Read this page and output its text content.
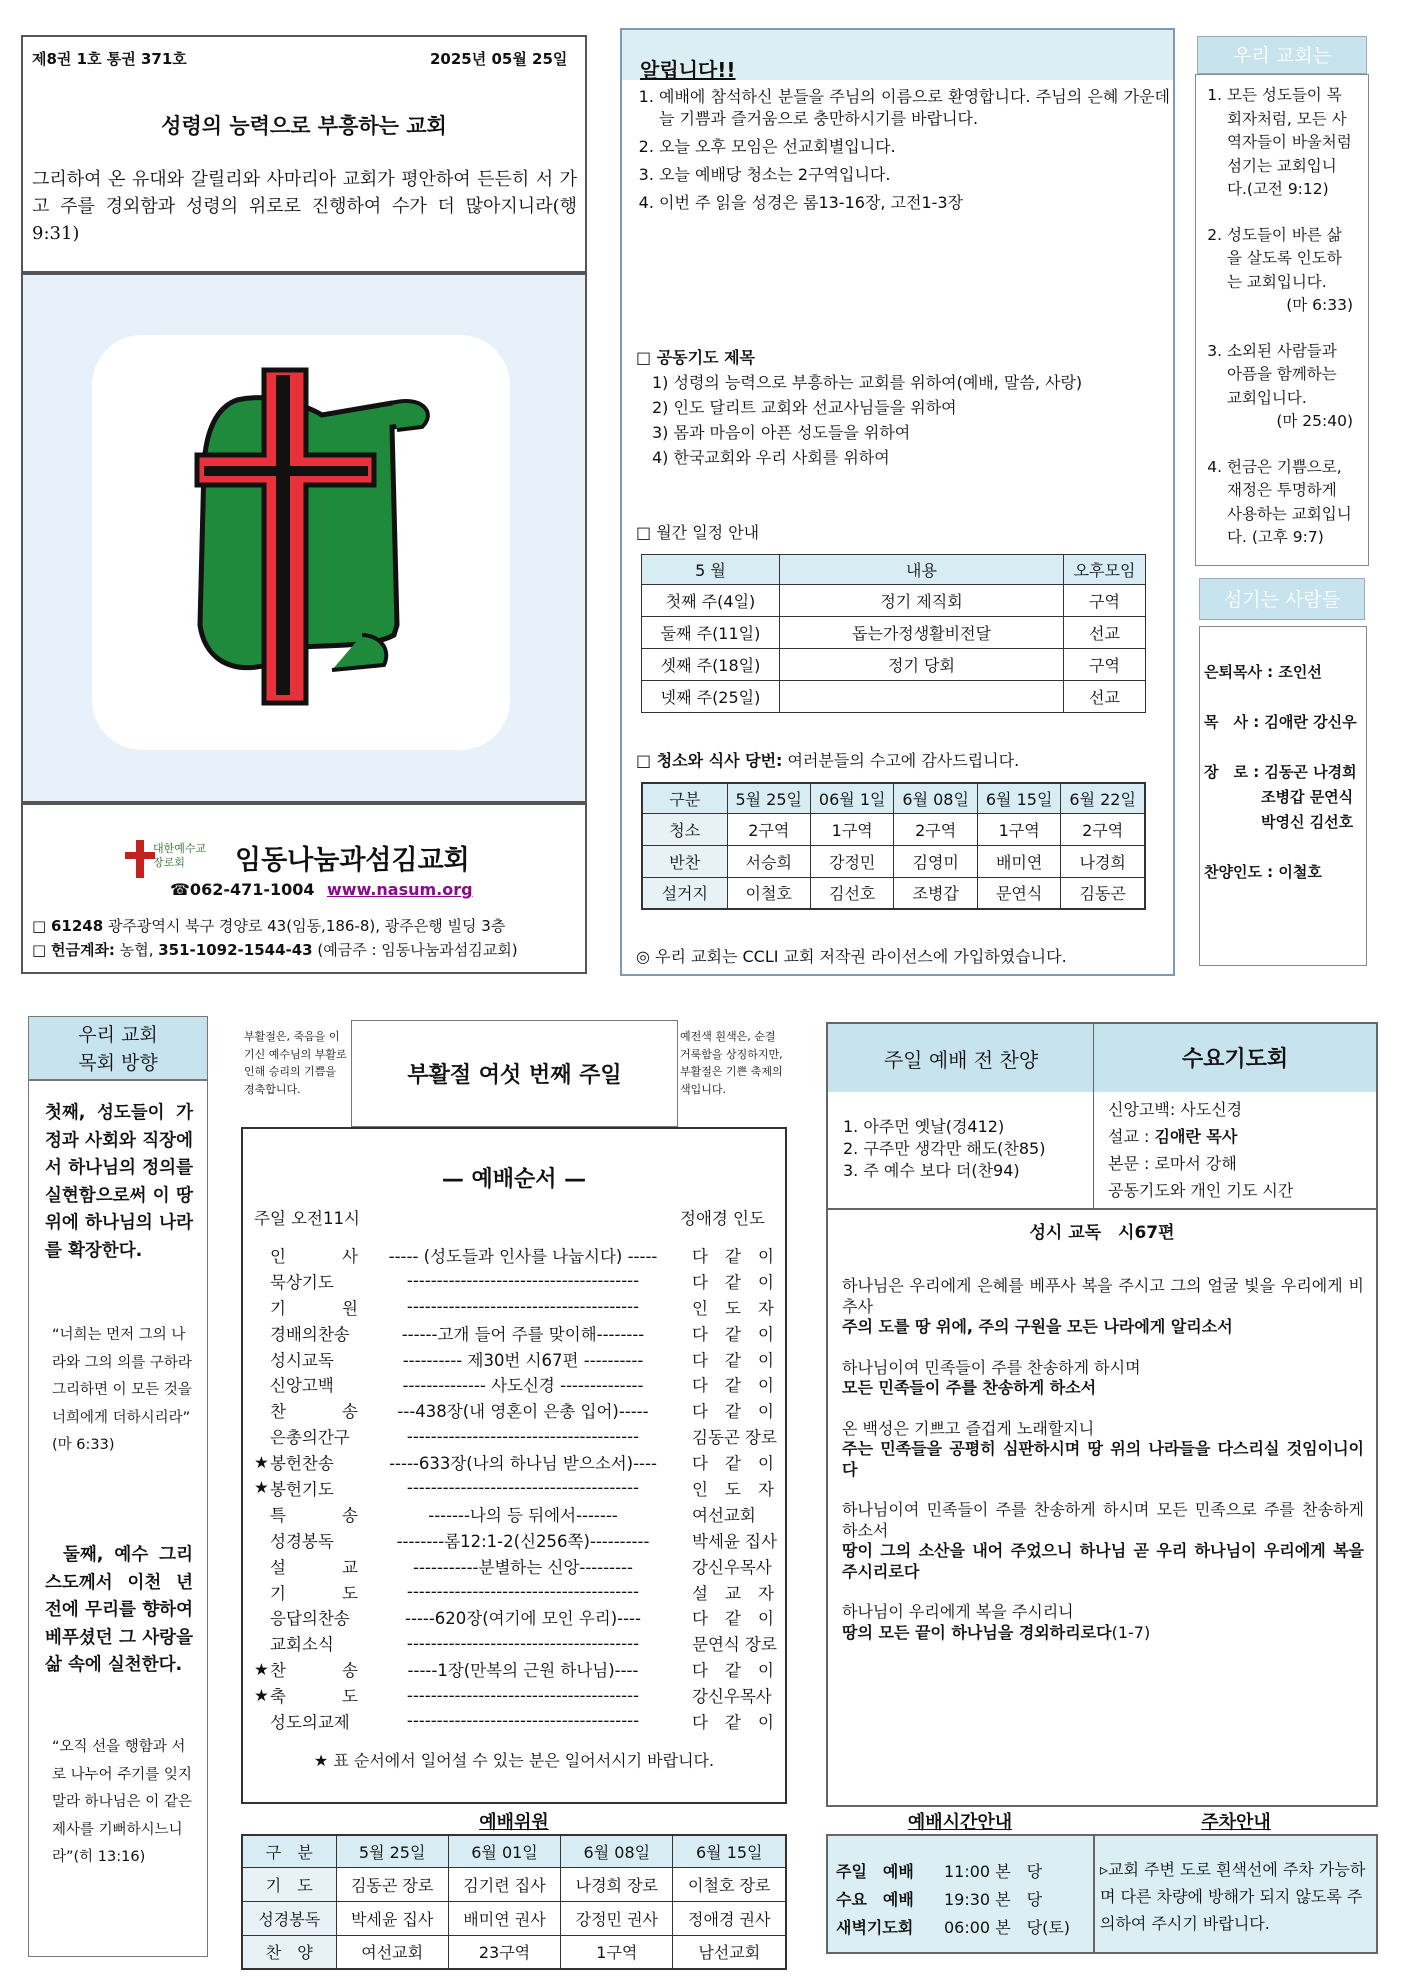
제8권 1호 통권 371호	2025년 05월 25일
성령의 능력으로 부흥하는 교회
그리하여 온 유대와 갈릴리와 사마리아 교회가 평안하여 든든히 서 가고 주를 경외함과 성령의 위로로 진행하여 수가 더 많아지니라(행9:31)
대한예수교 장로회	임동나눔과섬김교회
☎062-471-1004 www.nasum.org
□ 61248 광주광역시 북구 경양로 43(임동,186-8), 광주은행 빌딩 3층
□ 헌금계좌: 농협, 351-1092-1544-43 (예금주 : 임동나눔과섬김교회)
알립니다!!
1. 예배에 참석하신 분들을 주님의 이름으로 환영합니다. 주님의 은혜 가운데 늘 기쁨과 즐거움으로 충만하시기를 바랍니다.
2. 오늘 오후 모임은 선교회별입니다.
3. 오늘 예배당 청소는 2구역입니다.
4. 이번 주 읽을 성경은 롬13-16장, 고전1-3장
□ 공동기도 제목
1) 성령의 능력으로 부흥하는 교회를 위하여(예배, 말씀, 사랑)
2) 인도 달리트 교회와 선교사님들을 위하여
3) 몸과 마음이 아픈 성도들을 위하여
4) 한국교회와 우리 사회를 위하여
□ 월간 일정 안내
5 월	내용	오후모임
첫째 주(4일)	정기 제직회	구역
둘째 주(11일)	돕는가정생활비전달	선교
셋째 주(18일)	정기 당회	구역
넷째 주(25일)		선교
□ 청소와 식사 당번: 여러분들의 수고에 감사드립니다.
구분	5월 25일	06월 1일	6월 08일	6월 15일	6월 22일
청소	2구역	1구역	2구역	1구역	2구역
반찬	서승희	강정민	김영미	배미연	나경희
설거지	이철호	김선호	조병갑	문연식	김동곤
◎ 우리 교회는 CCLI 교회 저작권 라이선스에 가입하였습니다.
우리 교회는
1. 모든 성도들이 목회자처럼, 모든 사역자들이 바울처럼 섬기는 교회입니다.(고전 9:12)
2. 성도들이 바른 삶을 살도록 인도하는 교회입니다.
(마 6:33)
3. 소외된 사람들과 아픔을 함께하는 교회입니다.
(마 25:40)
4. 헌금은 기쁨으로, 재정은 투명하게 사용하는 교회입니다. (고후 9:7)
섬기는 사람들
은퇴목사 : 조인선
목　사 : 김애란 강신우
장　로 : 김동곤 나경희
조병갑 문연식
박영신 김선호
찬양인도 : 이철호
우리 교회
목회 방향
첫째, 성도들이 가정과 사회와 직장에서 하나님의 정의를 실현함으로써 이 땅 위에 하나님의 나라를 확장한다.
“너희는 먼저 그의 나라와 그의 의를 구하라 그리하면 이 모든 것을 너희에게 더하시리라”
(마 6:33)
둘째, 예수 그리스도께서 이천 년 전에 무리를 향하여 베푸셨던 그 사랑을 삶 속에 실천한다.
“오직 선을 행함과 서로 나누어 주기를 잊지 말라 하나님은 이 같은 제사를 기뻐하시느니라”(히 13:16)
부활절은, 죽음을 이기신 예수님의 부활로 인해 승리의 기쁨을 경축합니다.
부활절 여섯 번째 주일
예전색 흰색은, 순결 거룩함을 상징하지만, 부활절은 기쁜 축제의 색입니다.
— 예배순서 —
주일 오전11시	정애경 인도
인 사	----- (성도들과 인사를 나눕시다) -----	다 같 이
묵상기도	---------------------------------------	다 같 이
기 원	---------------------------------------	인 도 자
경배의찬송	------고개 들어 주를 맞이해--------	다 같 이
성시교독	---------- 제30번 시67편 ----------	다 같 이
신앙고백	-------------- 사도신경 --------------	다 같 이
찬 송	---438장(내 영혼이 은총 입어)-----	다 같 이
은총의간구	---------------------------------------	김동곤 장로
★ 봉헌찬송	-----633장(나의 하나님 받으소서)----	다 같 이
★ 봉헌기도	---------------------------------------	인 도 자
특 송	-------나의 등 뒤에서-------	여선교회
성경봉독	--------롬12:1-2(신256쪽)----------	박세윤 집사
설 교	-----------분별하는 신앙---------	강신우목사
기 도	---------------------------------------	설 교 자
응답의찬송	-----620장(여기에 모인 우리)----	다 같 이
교회소식	---------------------------------------	문연식 장로
★ 찬 송	-----1장(만복의 근원 하나님)----	다 같 이
★ 축 도	---------------------------------------	강신우목사
성도의교제	---------------------------------------	다 같 이
★ 표 순서에서 일어설 수 있는 분은 일어서시기 바랍니다.
예배위원
구　분	5월 25일	6월 01일	6월 08일	6월 15일
기　도	김동곤 장로	김기련 집사	나경희 장로	이철호 장로
성경봉독	박세윤 집사	배미연 권사	강정민 권사	정애경 권사
찬　양	여선교회	23구역	1구역	남선교회
주일 예배 전 찬양	수요기도회
1. 아주먼 옛날(경412)
2. 구주만 생각만 해도(찬85)
3. 주 예수 보다 더(찬94)
신앙고백: 사도신경
설교 : 김애란 목사
본문 : 로마서 강해
공동기도와 개인 기도 시간
성시 교독　시67편

하나님은 우리에게 은혜를 베푸사 복을 주시고 그의 얼굴 빛을 우리에게 비추사

주의 도를 땅 위에, 주의 구원을 모든 나라에게 알리소서

하나님이여 민족들이 주를 찬송하게 하시며

모든 민족들이 주를 찬송하게 하소서

온 백성은 기쁘고 즐겁게 노래할지니

주는 민족들을 공평히 심판하시며 땅 위의 나라들을 다스리실 것임이니이다

하나님이여 민족들이 주를 찬송하게 하시며 모든 민족으로 주를 찬송하게 하소서

땅이 그의 소산을 내어 주었으니 하나님 곧 우리 하나님이 우리에게 복을 주시리로다

하나님이 우리에게 복을 주시리니

땅의 모든 끝이 하나님을 경외하리로다(1-7)

예배시간안내	주차안내
주일　예배 11:00 본　당
수요　예배 19:30 본　당
새벽기도회 06:00 본　당(토)
▹교회 주변 도로 흰색선에 주차 가능하며 다른 차량에 방해가 되지 않도록 주의하여 주시기 바랍니다.
